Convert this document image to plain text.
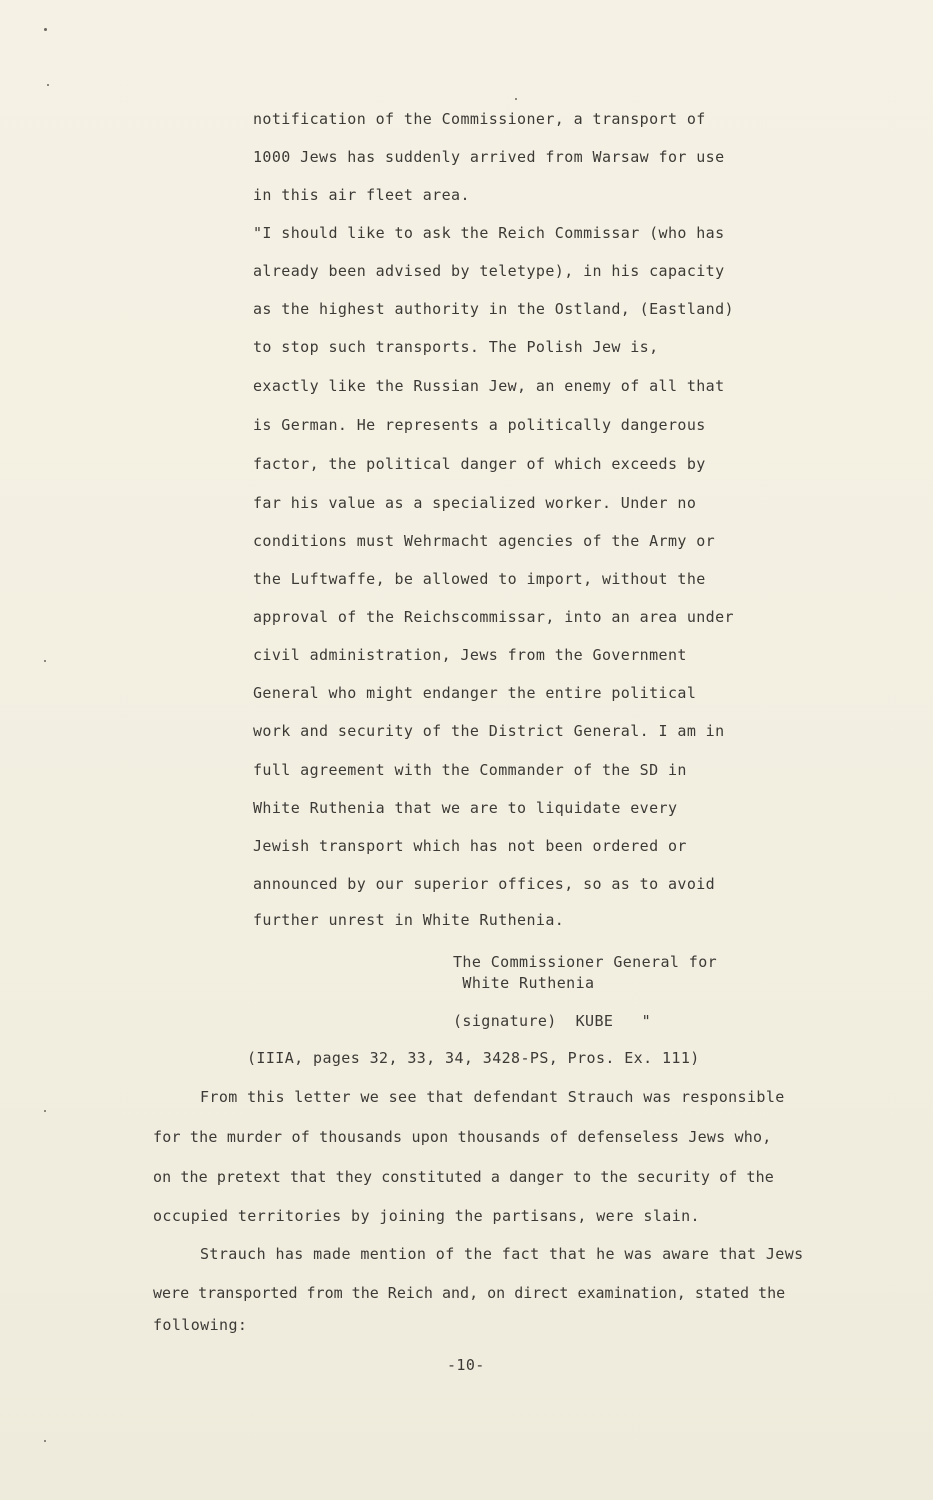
notification of the Commissioner, a transport of
1000 Jews has suddenly arrived from Warsaw for use
in this air fleet area.
"I should like to ask the Reich Commissar (who has
already been advised by teletype), in his capacity
as the highest authority in the Ostland, (Eastland)
to stop such transports. The Polish Jew is,
exactly like the Russian Jew, an enemy of all that
is German. He represents a politically dangerous
factor, the political danger of which exceeds by
far his value as a specialized worker. Under no
conditions must Wehrmacht agencies of the Army or
the Luftwaffe, be allowed to import, without the
approval of the Reichscommissar, into an area under
civil administration, Jews from the Government
General who might endanger the entire political
work and security of the District General. I am in
full agreement with the Commander of the SD in
White Ruthenia that we are to liquidate every
Jewish transport which has not been ordered or
announced by our superior offices, so as to avoid
further unrest in White Ruthenia.
The Commissioner General for
White Ruthenia
(signature)  KUBE   "
(IIIA, pages 32, 33, 34, 3428-PS, Pros. Ex. 111)
From this letter we see that defendant Strauch was responsible
for the murder of thousands upon thousands of defenseless Jews who,
on the pretext that they constituted a danger to the security of the
occupied territories by joining the partisans, were slain.
Strauch has made mention of the fact that he was aware that Jews
were transported from the Reich and, on direct examination, stated the
following:
-10-
